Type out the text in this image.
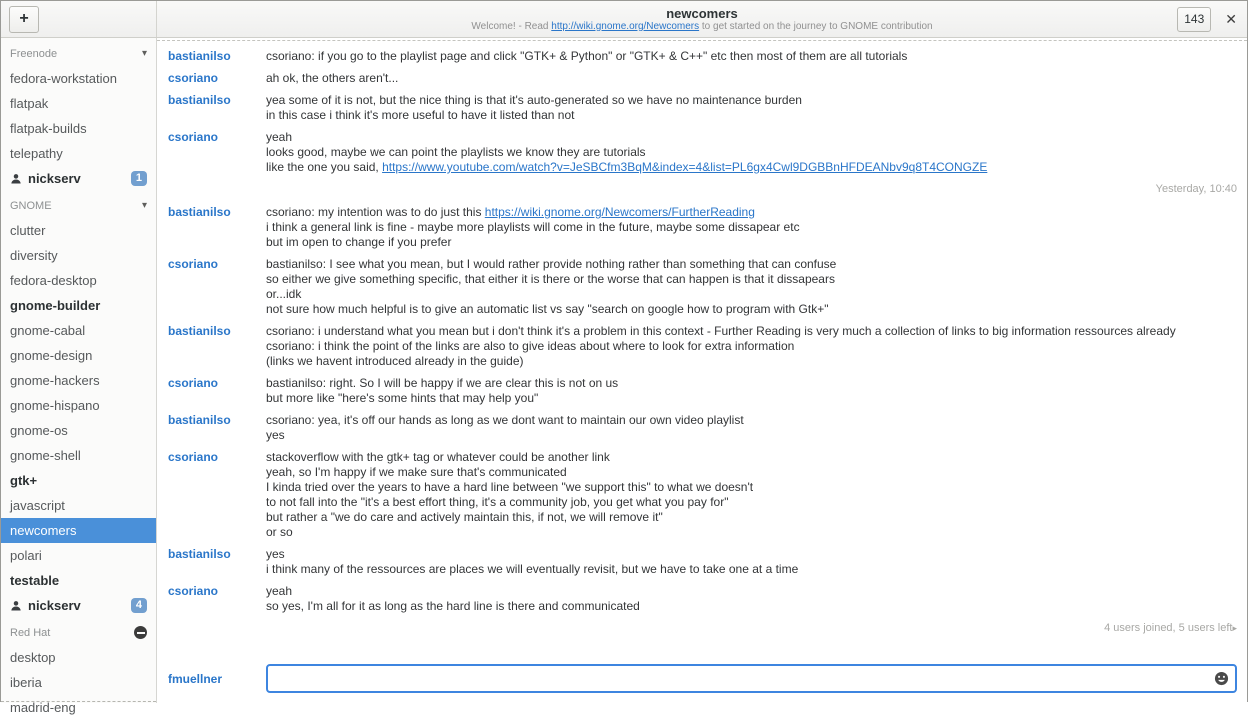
+	newcomers
Welcome! - Read http://wiki.gnome.org/Newcomers to get started on the journey to GNOME contribution	143	✕
Freenode	▾
fedora-workstation
flatpak
flatpak-builds
telepathy
nickserv	1
GNOME	▾
clutter
diversity
fedora-desktop
gnome-builder
gnome-cabal
gnome-design
gnome-hackers
gnome-hispano
gnome-os
gnome-shell
gtk+
javascript
newcomers
polari
testable
nickserv	4
Red Hat
desktop
iberia
madrid-eng
bastianilso	csoriano: if you go to the playlist page and click "GTK+ & Python" or "GTK+ & C++" etc then most of them are all tutorials
csoriano	ah ok, the others aren't...
bastianilso	yea some of it is not, but the nice thing is that it's auto-generated so we have no maintenance burden
in this case i think it's more useful to have it listed than not
csoriano	yeah
looks good, maybe we can point the playlists we know they are tutorials
like the one you said, https://www.youtube.com/watch?v=JeSBCfm3BqM&index=4&list=PL6gx4Cwl9DGBBnHFDEANbv9q8T4CONGZE
Yesterday, 10:40
bastianilso	csoriano: my intention was to do just this https://wiki.gnome.org/Newcomers/FurtherReading
i think a general link is fine - maybe more playlists will come in the future, maybe some dissapear etc
but im open to change if you prefer
csoriano	bastianilso: I see what you mean, but I would rather provide nothing rather than something that can confuse
so either we give something specific, that either it is there or the worse that can happen is that it dissapears
or...idk
not sure how much helpful is to give an automatic list vs say "search on google how to program with Gtk+"
bastianilso	csoriano: i understand what you mean but i don't think it's a problem in this context - Further Reading is very much a collection of links to big information ressources already
csoriano: i think the point of the links are also to give ideas about where to look for extra information
(links we havent introduced already in the guide)
csoriano	bastianilso: right. So I will be happy if we are clear this is not on us
but more like "here's some hints that may help you"
bastianilso	csoriano: yea, it's off our hands as long as we dont want to maintain our own video playlist
yes
csoriano	stackoverflow with the gtk+ tag or whatever could be another link
yeah, so I'm happy if we make sure that's communicated
I kinda tried over the years to have a hard line between "we support this" to what we doesn't
to not fall into the "it's a best effort thing, it's a community job, you get what you pay for"
but rather a "we do care and actively maintain this, if not, we will remove it"
or so
bastianilso	yes
i think many of the ressources are places we will eventually revisit, but we have to take one at a time
csoriano	yeah
so yes, I'm all for it as long as the hard line is there and communicated
4 users joined, 5 users left▸
fmuellner
